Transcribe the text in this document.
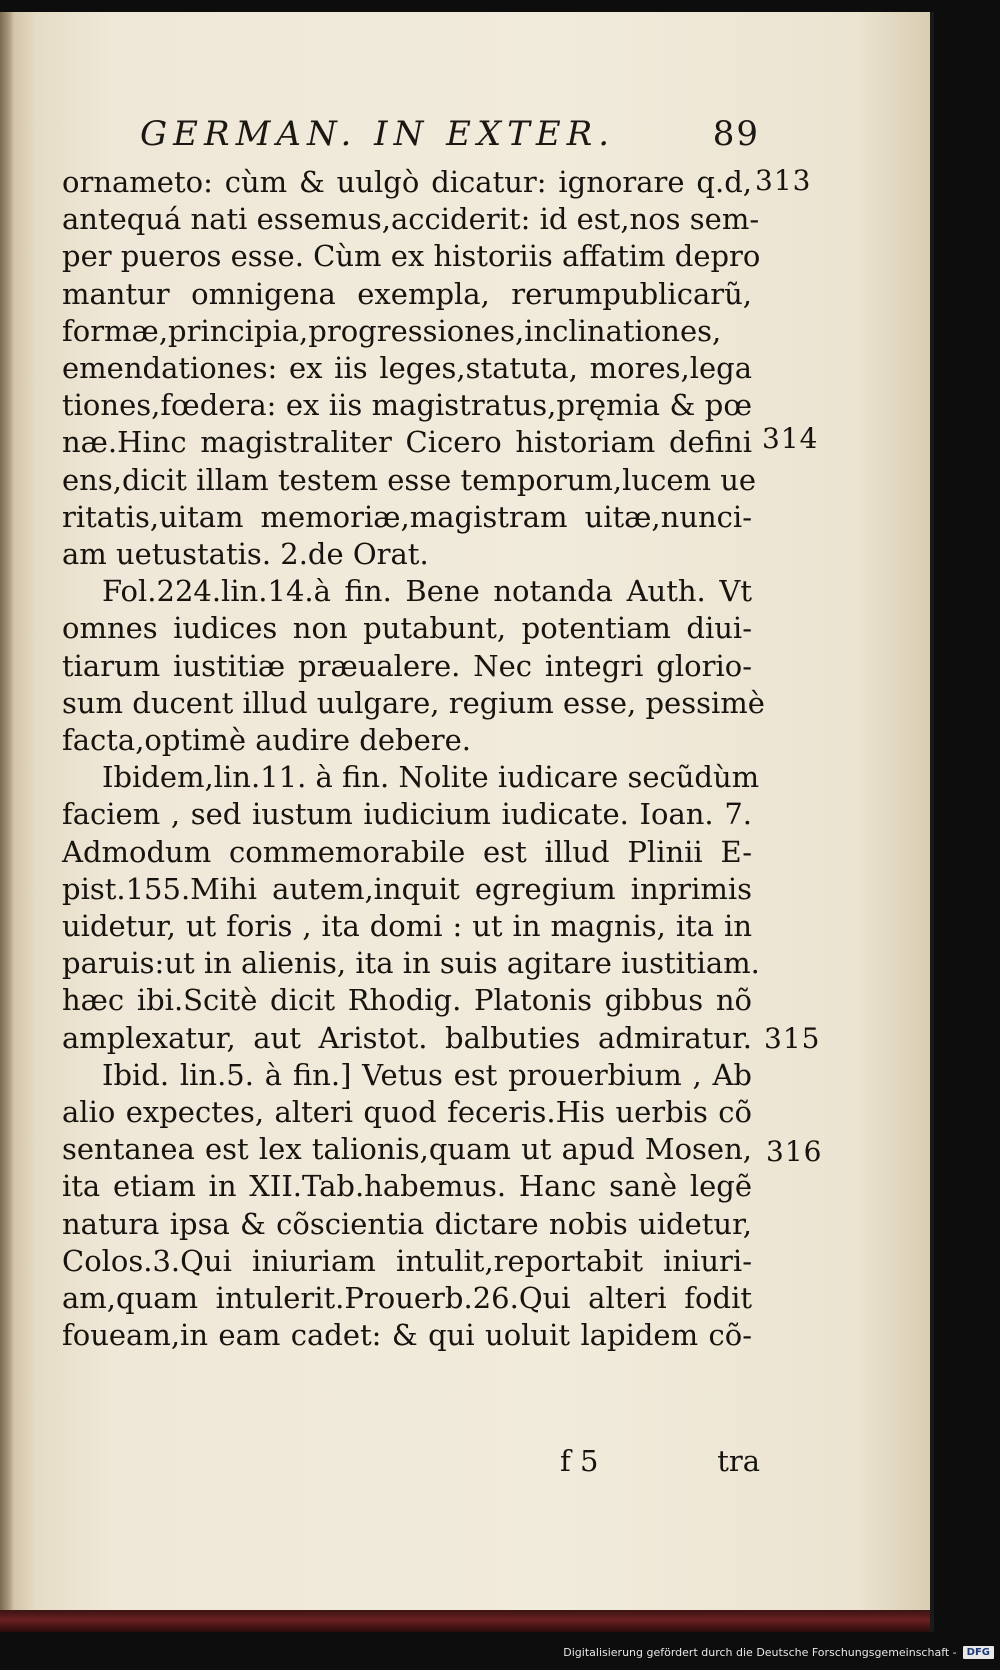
GERMAN. IN EXTER.	89
ornameto: cùm & uulgò dicatur: ignorare q.d,
antequá nati essemus,acciderit: id est,nos sem-
per pueros esse. Cùm ex historiis affatim depro
mantur omnigena exempla, rerumpublicarũ,
formæ,principia,progressiones,inclinationes,
emendationes: ex iis leges,statuta, mores,lega
tiones,fœdera: ex iis magistratus,pręmia & pœ
næ.Hinc magistraliter Cicero historiam defini
ens,dicit illam testem esse temporum,lucem ue
ritatis,uitam memoriæ,magistram uitæ,nunci-
am uetustatis. 2.de Orat.
Fol.224.lin.14.à fin. Bene notanda Auth. Vt
omnes iudices non putabunt, potentiam diui-
tiarum iustitiæ præualere. Nec integri glorio-
sum ducent illud uulgare, regium esse, pessimè
facta,optimè audire debere.
Ibidem,lin.11. à fin. Nolite iudicare secũdùm
faciem , sed iustum iudicium iudicate. Ioan. 7.
Admodum commemorabile est illud Plinii E-
pist.155.Mihi autem,inquit egregium inprimis
uidetur, ut foris , ita domi : ut in magnis, ita in
paruis:ut in alienis, ita in suis agitare iustitiam.
hæc ibi.Scitè dicit Rhodig. Platonis gibbus nõ
amplexatur, aut Aristot. balbuties admiratur.
Ibid. lin.5. à fin.] Vetus est prouerbium , Ab
alio expectes, alteri quod feceris.His uerbis cõ
sentanea est lex talionis,quam ut apud Mosen,
ita etiam in XII.Tab.habemus. Hanc sanè legẽ
natura ipsa & cõscientia dictare nobis uidetur,
Colos.3.Qui iniuriam intulit,reportabit iniuri-
am,quam intulerit.Prouerb.26.Qui alteri fodit
foueam,in eam cadet: & qui uoluit lapidem cõ-
313
314
315
316
f 5	tra
Digitalisierung gefördert durch die Deutsche Forschungsgemeinschaft -	DFG
